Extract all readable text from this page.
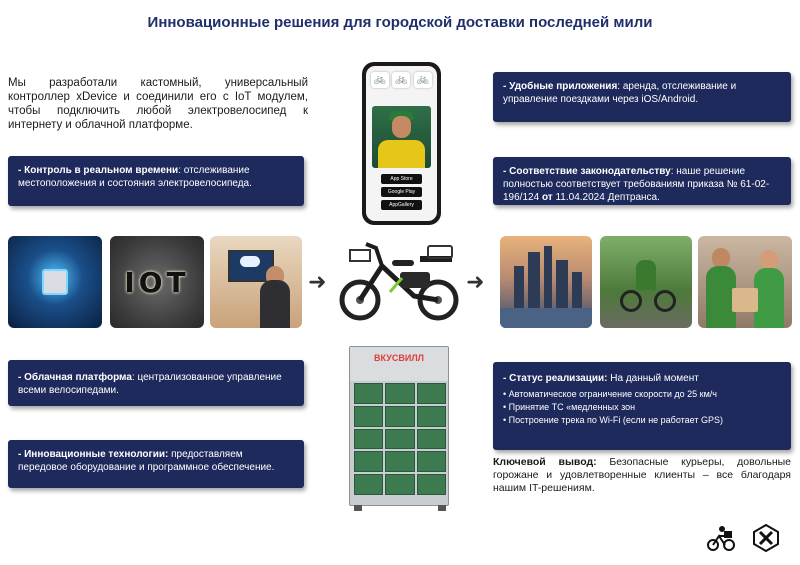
Инновационные решения для городской доставки последней мили
Мы разработали кастомный, универсальный контроллер xDevice и соединили его с IoT модулем, чтобы подключить любой электровелосипед к интернету и облачной платформе.
- Контроль в реальном времени: отслеживание местоположения и состояния электровелосипеда.
- Облачная платформа: централизованное управление всеми велосипедами.
- Инновационные технологии: предоставляем передовое оборудование и программное обеспечение.
- Удобные приложения: аренда, отслеживание и управление поездками через iOS/Android.
- Соответствие законодательству: наше решение полностью соответствует требованиям приказа № 61-02-196/124 от 11.04.2024 Дептранса.
- Статус реализации: На данный момент
• Автоматическое ограничение скорости до 25 км/ч
• Принятие ТС «медленных зон
• Построение трека по Wi-Fi (если не работает GPS)
Ключевой вывод: Безопасные курьеры, довольные горожане и удовлетворенные клиенты – все благодаря нашим IT-решениям.
🚲 🚲 🚲
App Store
Google Play
AppGallery
IOT	➜	➜
ВКУСВИЛЛ
